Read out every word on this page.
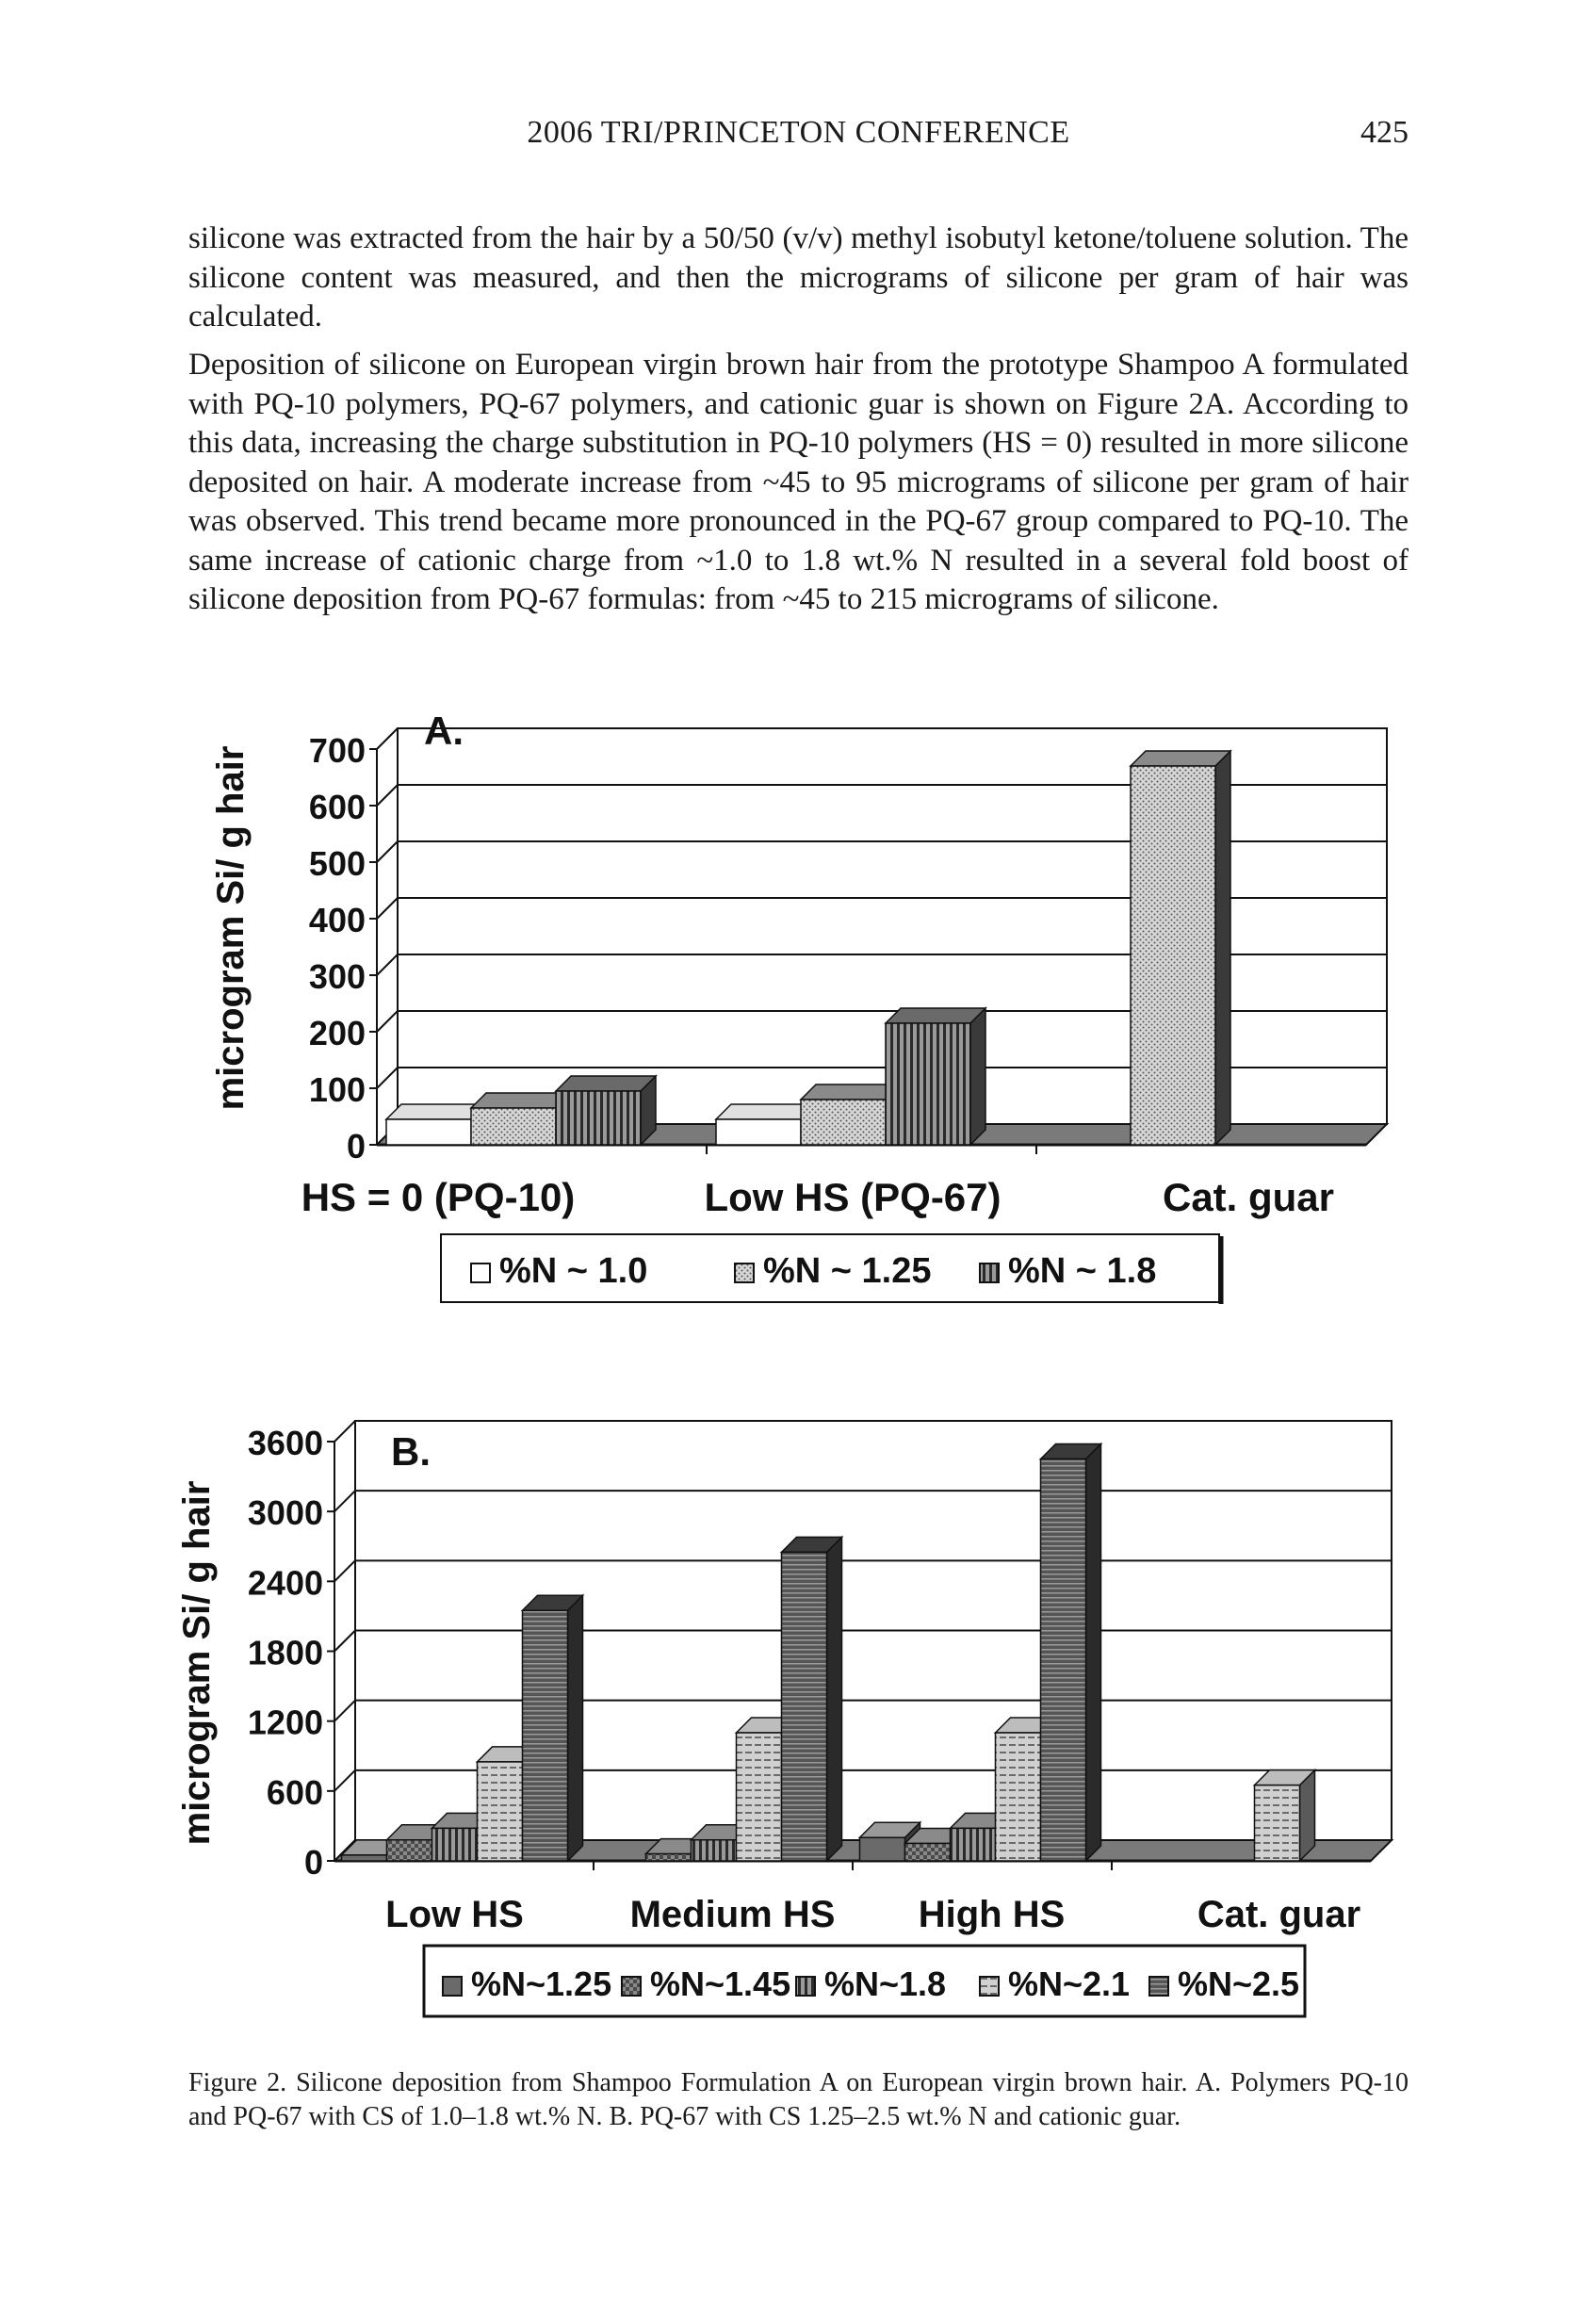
2006 TRI/PRINCETON CONFERENCE	425

silicone was extracted from the hair by a 50/50 (v/v) methyl isobutyl ketone/toluene solution. The silicone content was measured, and then the micrograms of silicone per gram of hair was calculated.

Deposition of silicone on European virgin brown hair from the prototype Shampoo A formulated with PQ-10 polymers, PQ-67 polymers, and cationic guar is shown on Figure 2A. According to this data, increasing the charge substitution in PQ-10 polymers (HS = 0) resulted in more silicone deposited on hair. A moderate increase from ~45 to 95 micrograms of silicone per gram of hair was observed. This trend became more pronounced in the PQ-67 group compared to PQ-10. The same increase of cationic charge from ~1.0 to 1.8 wt.% N resulted in a several fold boost of silicone deposition from PQ-67 formulas: from ~45 to 215 micrograms of silicone.

microgram Si/ g hair
0
100
200
300
400
500
600
700
HS = 0 (PQ-10)	Low HS (PQ-67)	Cat. guar
A.
%N ~ 1.0	%N ~ 1.25 %N ~ 1.8
microgram Si/ g hair
0
600
1200
1800
2400
3000
3600
Low HS	Medium HS High HS	Cat. guar
B.
%N~1.25 %N~1.45 %N~1.8 %N~2.1 %N~2.5

Figure 2. Silicone deposition from Shampoo Formulation A on European virgin brown hair. A. Polymers PQ-10 and PQ-67 with CS of 1.0–1.8 wt.% N. B. PQ-67 with CS 1.25–2.5 wt.% N and cationic guar.
